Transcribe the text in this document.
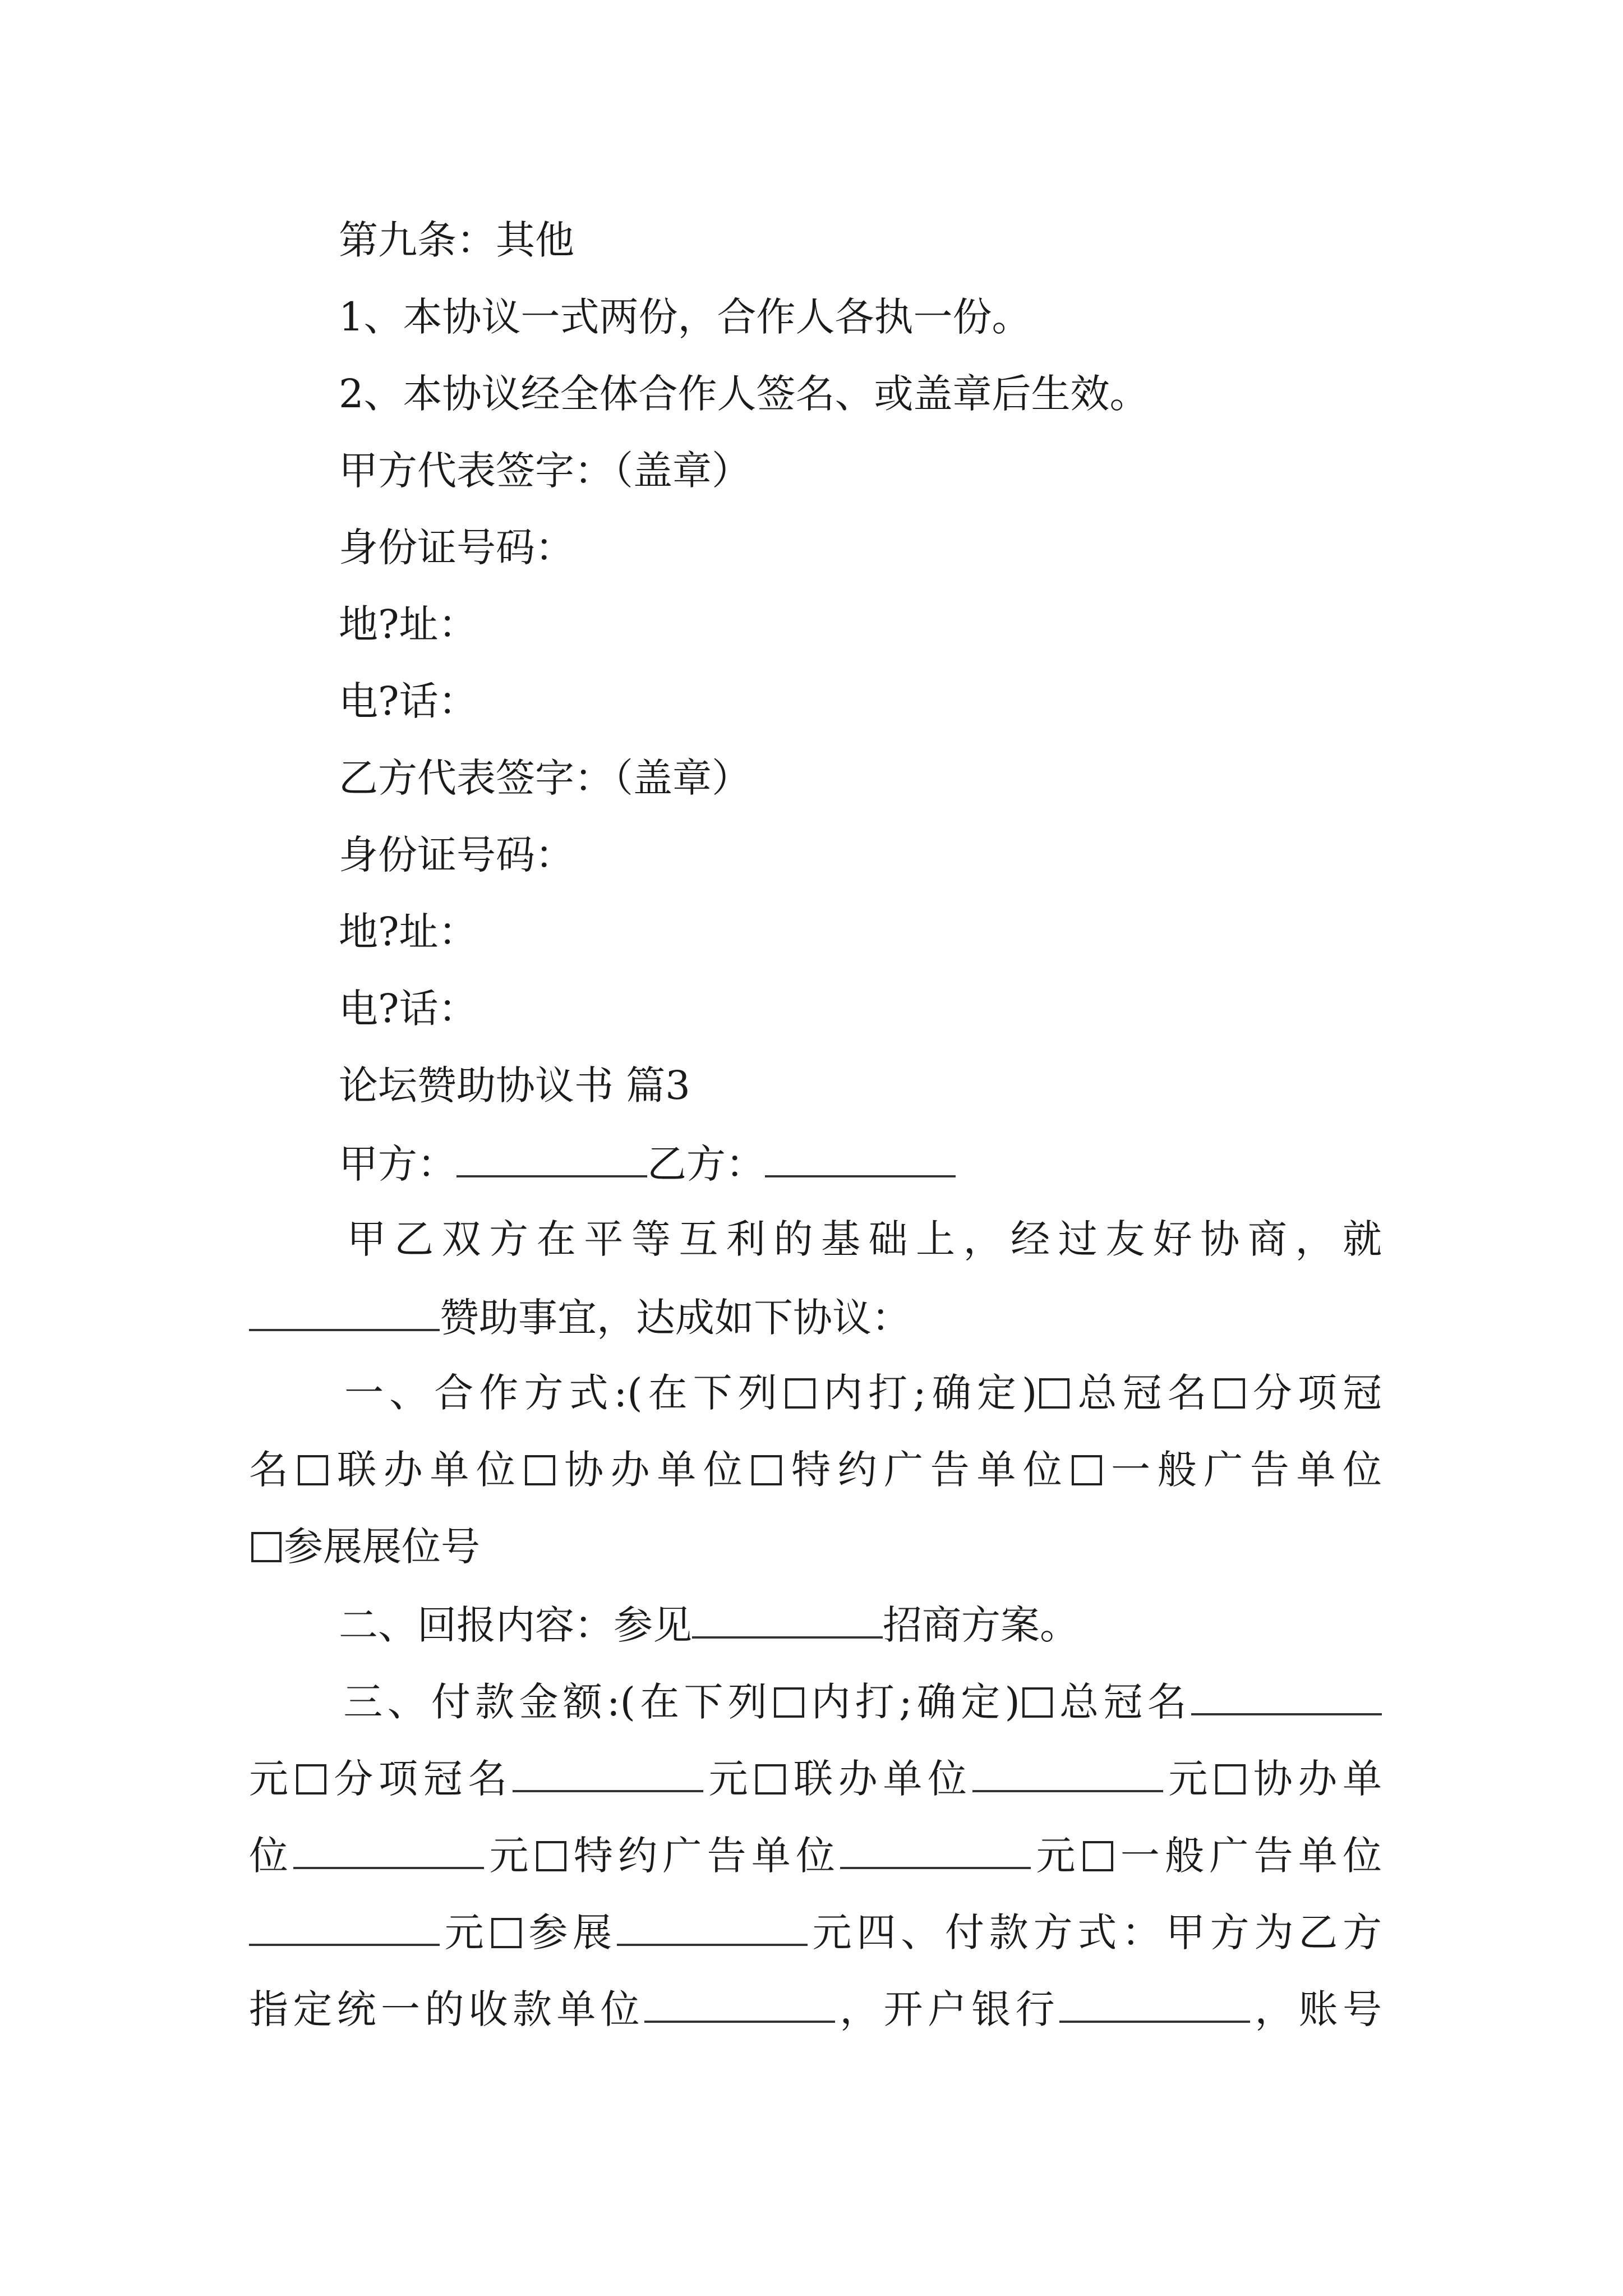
第九条：其他
1、本协议一式两份，合作人各执一份。
2、本协议经全体合作人签名、或盖章后生效。
甲方代表签字：（盖章）
身份证号码：
地?址：
电?话：
乙方代表签字：（盖章）
身份证号码：
地?址：
电?话：
论坛赞助协议书 篇3
甲方：	乙方：
甲乙双方在平等互利的基础上，经过友好协商，就
赞助事宜，达成如下协议：
一、合作方式:(在下列 内打;确定) 总冠名 分项冠
名 联办单位 协办单位 特约广告单位 一般广告单位
参展展位号
二、回报内容：参见	招商方案。
三、付款金额:(在下列 内打;确定) 总冠名
元 分项冠名	元 联办单位	元 协办单
位	元 特约广告单位	元 一般广告单位
元 参展	元四、付款方式：甲方为乙方
指定统一的收款单位	，开户银行	，账号
